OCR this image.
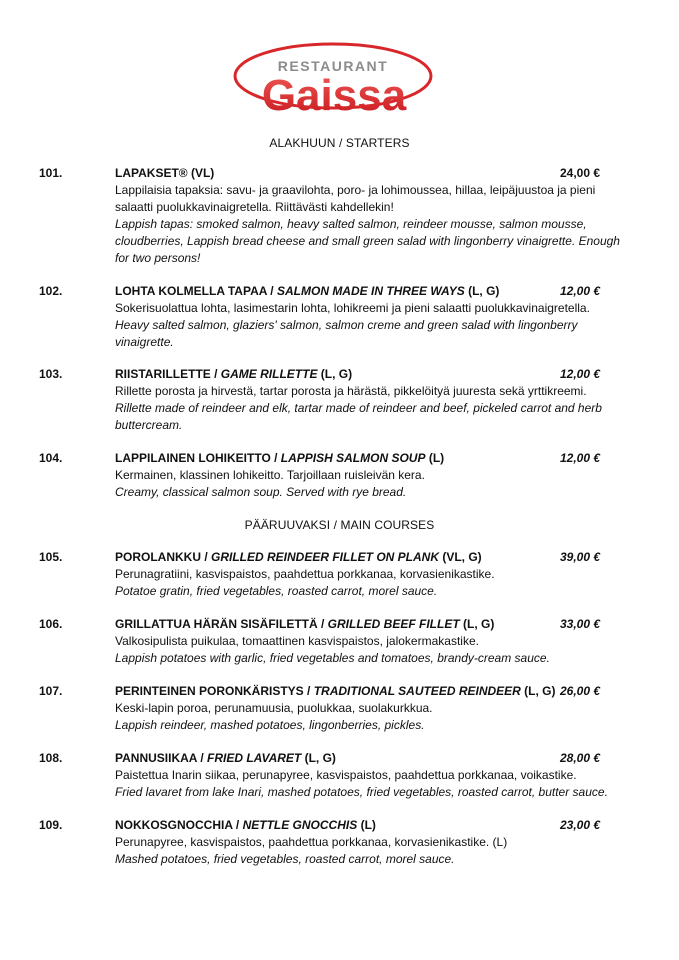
RESTAURANT
Gaissa
ALAKHUUN / STARTERS
101.	LAPAKSET® (VL)	24,00 €
Lappilaisia tapaksia: savu- ja graavilohta, poro- ja lohimoussea, hillaa, leipäjuustoa ja pieni salaatti puolukkavinaigretella. Riittävästi kahdellekin!
Lappish tapas: smoked salmon, heavy salted salmon, reindeer mousse, salmon mousse, cloudberries, Lappish bread cheese and small green salad with lingonberry vinaigrette. Enough for two persons!
102.	LOHTA KOLMELLA TAPAA / SALMON MADE IN THREE WAYS (L, G)	12,00 €
Sokerisuolattua lohta, lasimestarin lohta, lohikreemi ja pieni salaatti puolukkavinaigretella.
Heavy salted salmon, glaziers' salmon, salmon creme and green salad with lingonberry vinaigrette.
103.	RIISTARILLETTE / GAME RILLETTE (L, G)	12,00 €
Rillette porosta ja hirvestä, tartar porosta ja härästä, pikkelöityä juuresta sekä yrttikreemi.
Rillette made of reindeer and elk, tartar made of reindeer and beef, pickeled carrot and herb buttercream.
104.	LAPPILAINEN LOHIKEITTO / LAPPISH SALMON SOUP (L)	12,00 €
Kermainen, klassinen lohikeitto. Tarjoillaan ruisleivän kera.
Creamy, classical salmon soup. Served with rye bread.
PÄÄRUUVAKSI / MAIN COURSES
105.	POROLANKKU / GRILLED REINDEER FILLET ON PLANK (VL, G)	39,00 €
Perunagratiini, kasvispaistos, paahdettua porkkanaa, korvasienikastike.
Potatoe gratin, fried vegetables, roasted carrot, morel sauce.
106.	GRILLATTUA HÄRÄN SISÄFILETTÄ / GRILLED BEEF FILLET (L, G)	33,00 €
Valkosipulista puikulaa, tomaattinen kasvispaistos, jalokermakastike.
Lappish potatoes with garlic, fried vegetables and tomatoes, brandy-cream sauce.
107.	PERINTEINEN PORONKÄRISTYS / TRADITIONAL SAUTEED REINDEER (L, G) 26,00 €
Keski-lapin poroa, perunamuusia, puolukkaa, suolakurkkua.
Lappish reindeer, mashed potatoes, lingonberries, pickles.
108.	PANNUSIIKAA / FRIED LAVARET (L, G)	28,00 €
Paistettua Inarin siikaa, perunapyree, kasvispaistos, paahdettua porkkanaa, voikastike.
Fried lavaret from lake Inari, mashed potatoes, fried vegetables, roasted carrot, butter sauce.
109.	NOKKOSGNOCCHIA / NETTLE GNOCCHIS (L)	23,00 €
Perunapyree, kasvispaistos, paahdettua porkkanaa, korvasienikastike. (L)
Mashed potatoes, fried vegetables, roasted carrot, morel sauce.
